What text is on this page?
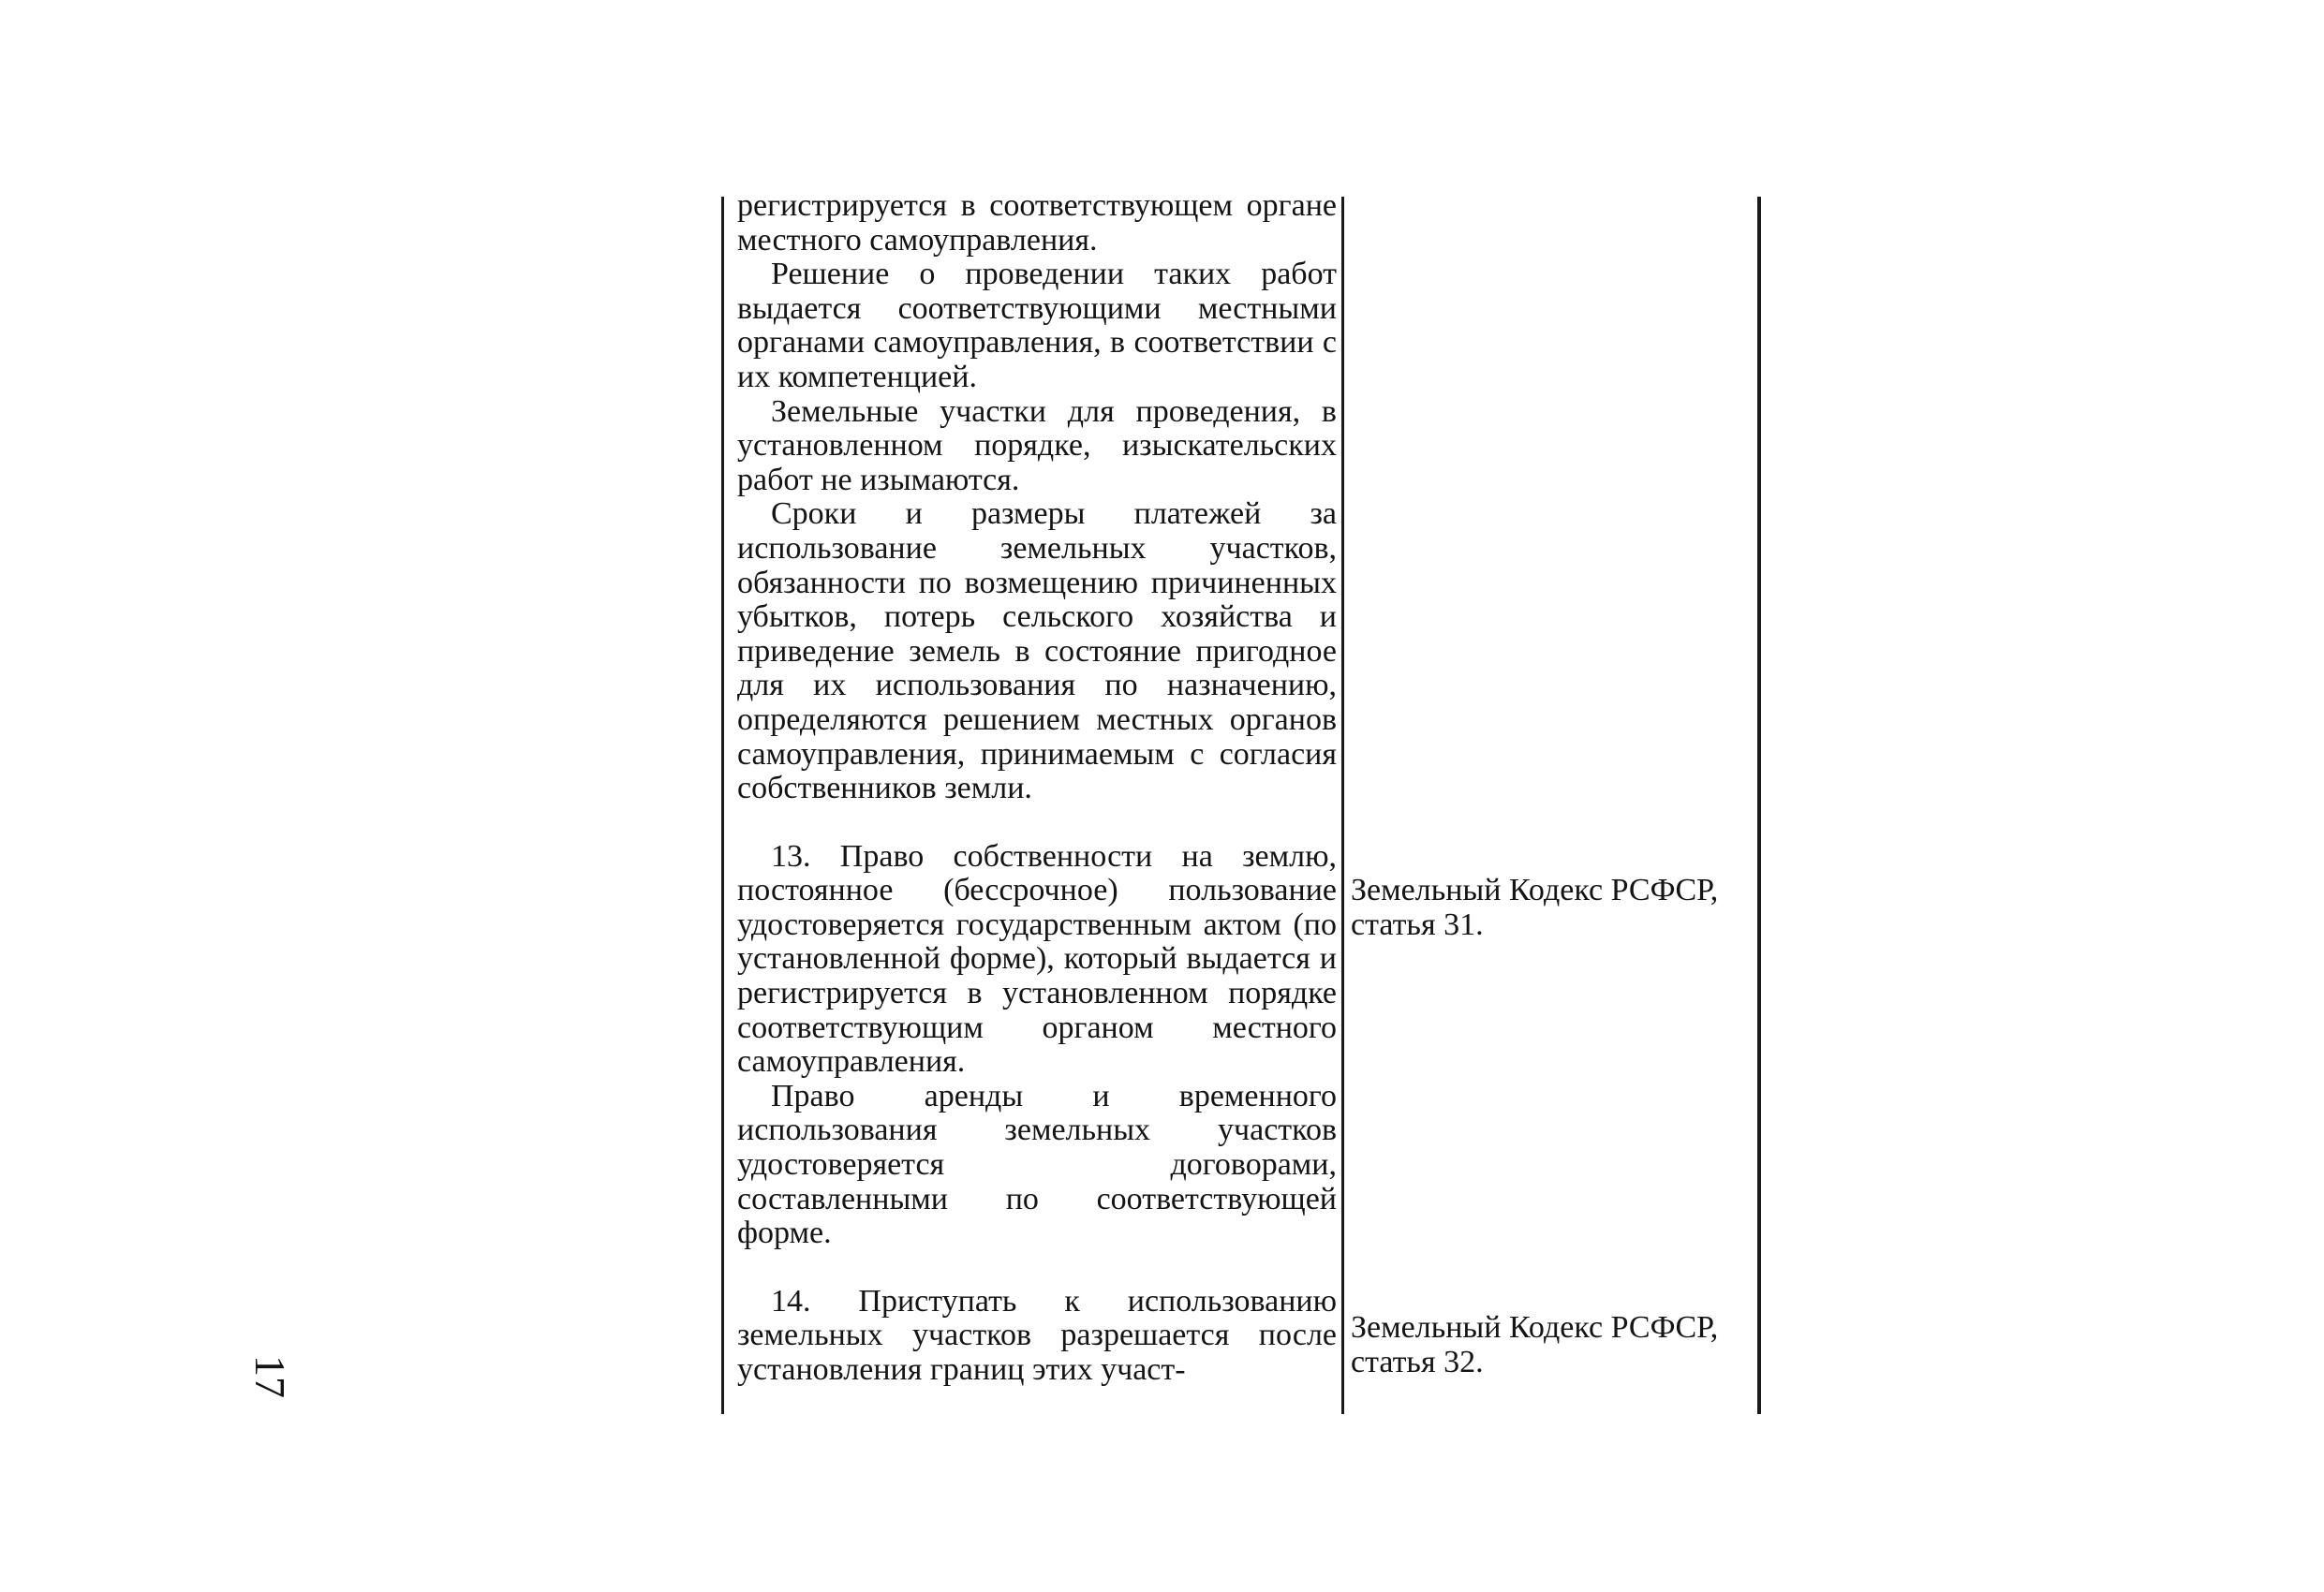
17

регистрируется в соответствующем органе местного самоуправления.

Решение о проведении таких работ выдается соответствующими местными органами самоуправления, в соответствии с их компетенцией.

Земельные участки для проведения, в установленном порядке, изыскательских работ не изымаются.

Сроки и размеры платежей за использование земельных участков, обязанности по возмещению причиненных убытков, потерь сельского хозяйства и приведение земель в состояние пригодное для их использования по назначению, определяются решением местных органов самоуправления, принимаемым с согласия собственников земли.

13. Право собственности на землю, постоянное (бессрочное) пользование удостоверяется государственным актом (по установленной форме), который выдается и регистрируется в установленном порядке соответствующим органом местного самоуправления.

Право аренды и временного использования земельных участков удостоверяется договорами, составленными по соответствующей форме.

14. Приступать к использованию земельных участков разрешается после установления границ этих участ-

Земельный Кодекс РСФСР, статья 31.

Земельный Кодекс РСФСР, статья 32.
